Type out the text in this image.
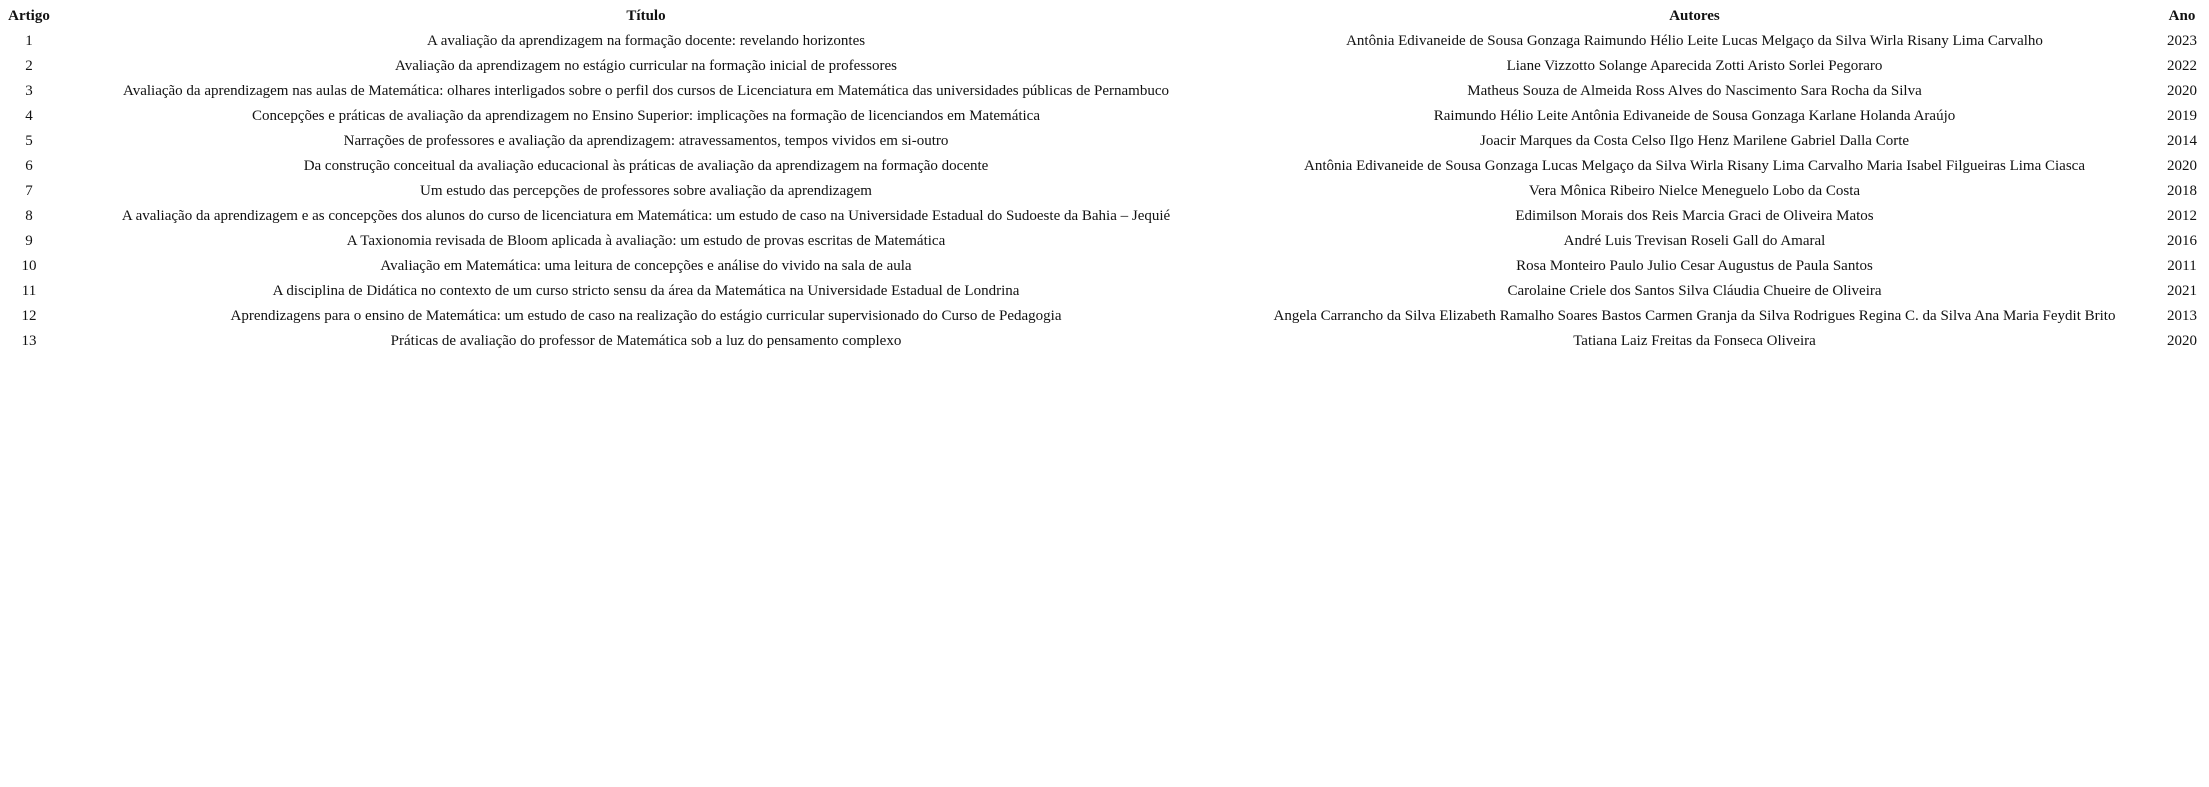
Artigo	Título	Autores	Ano
1	A avaliação da aprendizagem na formação docente: revelando horizontes	Antônia Edivaneide de Sousa Gonzaga Raimundo Hélio Leite Lucas Melgaço da Silva Wirla Risany Lima Carvalho	2023
2	Avaliação da aprendizagem no estágio curricular na formação inicial de professores	Liane Vizzotto Solange Aparecida Zotti Aristo Sorlei Pegoraro	2022
3	Avaliação da aprendizagem nas aulas de Matemática: olhares interligados sobre o perfil dos cursos de Licenciatura em Matemática das universidades públicas de Pernambuco	Matheus Souza de Almeida Ross Alves do Nascimento Sara Rocha da Silva	2020
4	Concepções e práticas de avaliação da aprendizagem no Ensino Superior: implicações na formação de licenciandos em Matemática	Raimundo Hélio Leite Antônia Edivaneide de Sousa Gonzaga Karlane Holanda Araújo	2019
5	Narrações de professores e avaliação da aprendizagem: atravessamentos, tempos vividos em si-outro	Joacir Marques da Costa Celso Ilgo Henz Marilene Gabriel Dalla Corte	2014
6	Da construção conceitual da avaliação educacional às práticas de avaliação da aprendizagem na formação docente	Antônia Edivaneide de Sousa Gonzaga Lucas Melgaço da Silva Wirla Risany Lima Carvalho Maria Isabel Filgueiras Lima Ciasca	2020
7	Um estudo das percepções de professores sobre avaliação da aprendizagem	Vera Mônica Ribeiro Nielce Meneguelo Lobo da Costa	2018
8	A avaliação da aprendizagem e as concepções dos alunos do curso de licenciatura em Matemática: um estudo de caso na Universidade Estadual do Sudoeste da Bahia – Jequié	Edimilson Morais dos Reis Marcia Graci de Oliveira Matos	2012
9	A Taxionomia revisada de Bloom aplicada à avaliação: um estudo de provas escritas de Matemática	André Luis Trevisan Roseli Gall do Amaral	2016
10	Avaliação em Matemática: uma leitura de concepções e análise do vivido na sala de aula	Rosa Monteiro Paulo Julio Cesar Augustus de Paula Santos	2011
11	A disciplina de Didática no contexto de um curso stricto sensu da área da Matemática na Universidade Estadual de Londrina	Carolaine Criele dos Santos Silva Cláudia Chueire de Oliveira	2021
12	Aprendizagens para o ensino de Matemática: um estudo de caso na realização do estágio curricular supervisionado do Curso de Pedagogia	Angela Carrancho da Silva Elizabeth Ramalho Soares Bastos Carmen Granja da Silva Rodrigues Regina C. da Silva Ana Maria Feydit Brito	2013
13	Práticas de avaliação do professor de Matemática sob a luz do pensamento complexo	Tatiana Laiz Freitas da Fonseca Oliveira	2020
